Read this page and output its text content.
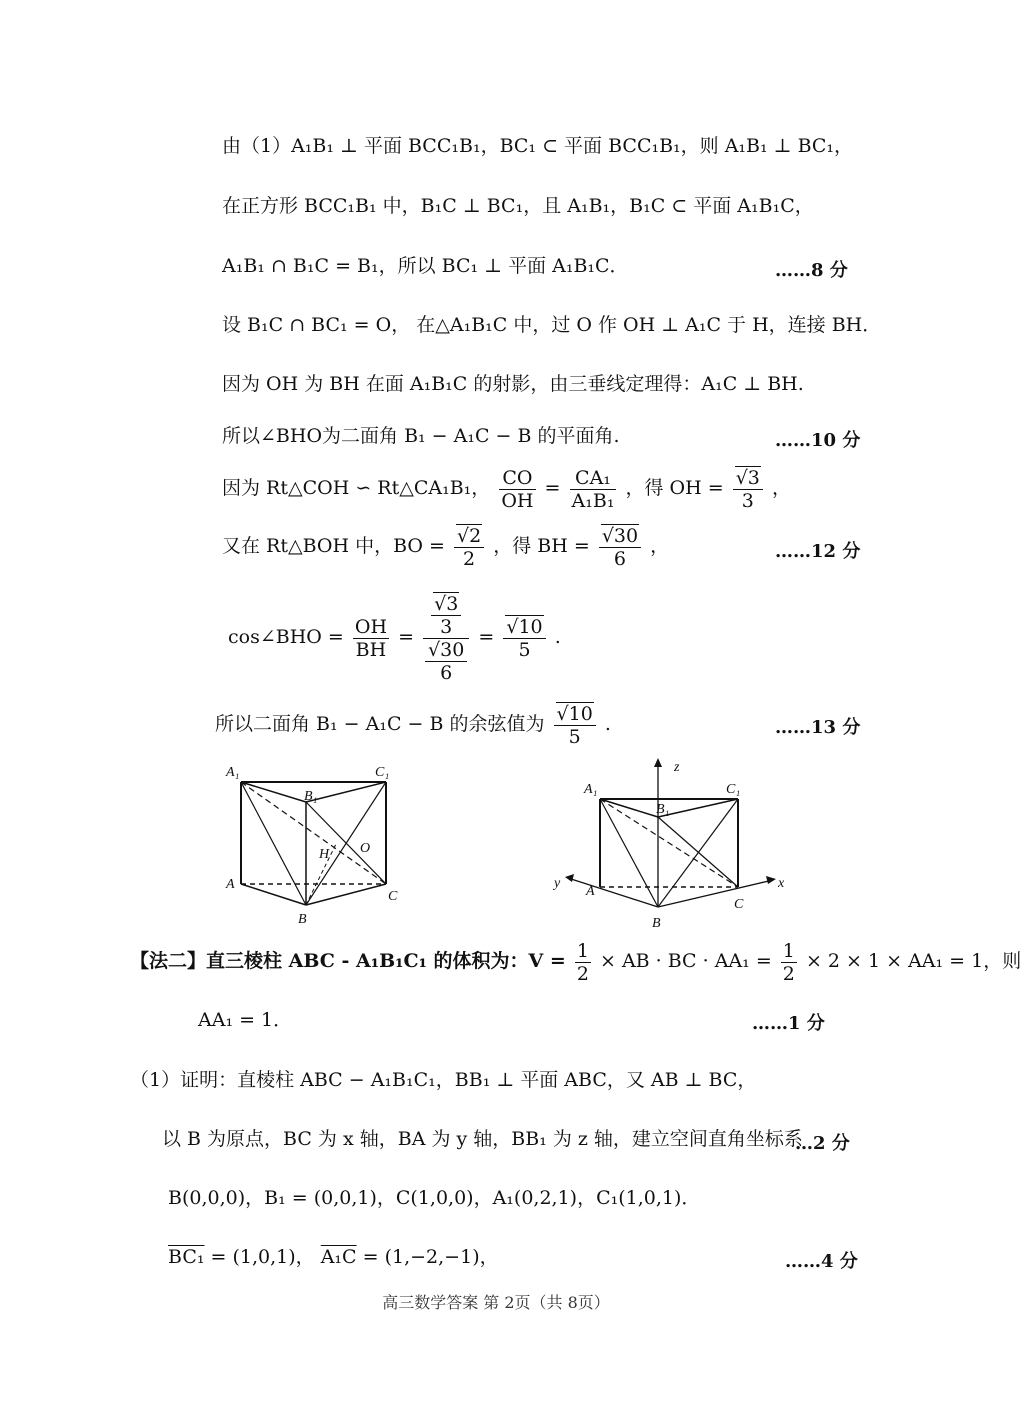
由（1）A₁B₁ ⊥ 平面 BCC₁B₁，BC₁ ⊂ 平面 BCC₁B₁，则 A₁B₁ ⊥ BC₁，
在正方形 BCC₁B₁ 中，B₁C ⊥ BC₁，且 A₁B₁，B₁C ⊂ 平面 A₁B₁C，
A₁B₁ ∩ B₁C = B₁，所以 BC₁ ⊥ 平面 A₁B₁C．	……8 分
设 B₁C ∩ BC₁ = O， 在△A₁B₁C 中，过 O 作 OH ⊥ A₁C 于 H，连接 BH．
因为 OH 为 BH 在面 A₁B₁C 的射影，由三垂线定理得：A₁C ⊥ BH.
所以∠BHO为二面角 B₁ − A₁C − B 的平面角.	……10 分
因为 Rt△COH ∽ Rt△CA₁B₁， $\frac{CO}{OH} = \frac{\text{CA₁}}{\text{A₁B₁}}$ ，得 OH = $\frac{√3}{3}$ ，
又在 Rt△BOH 中，BO = $\frac{√2}{2}$ ，得 BH = $\frac{√30}{6}$ ，	……12 分
cos∠BHO = $\frac{OH}{BH} = \frac{\frac{√3}{3}}{\frac{√30}{6}} = \frac{√10}{5}$ .
所以二面角 B₁ − A₁C − B 的余弦值为 $\frac{√10}{5}$ .	……13 分
A₁
B₁
C₁
A
B
C
H O
z
x
y
A₁
B₁
C₁
A
B
C
【法二】直三棱柱 ABC - A₁B₁C₁ 的体积为：$V = \frac{1}{2}$ × AB · BC · $AA_1 = \frac{1}{2} \times 2 \times 1 \times AA_1 = 1$，则
AA₁ = 1．	……1 分
（1）证明：直棱柱 ABC − A₁B₁C₁，BB₁ ⊥ 平面 ABC，又 AB ⊥ BC，
以 B 为原点，BC 为 x 轴，BA 为 y 轴，BB₁ 为 z 轴，建立空间直角坐标系
…2 分
B(0,0,0)，B₁ = (0,0,1)，C(1,0,0)，A₁(0,2,1)，C₁(1,0,1)．
BC₁ = (1,0,1)， A₁C = (1,−2,−1)，	……4 分
高三数学答案 第 2页（共 8页）
